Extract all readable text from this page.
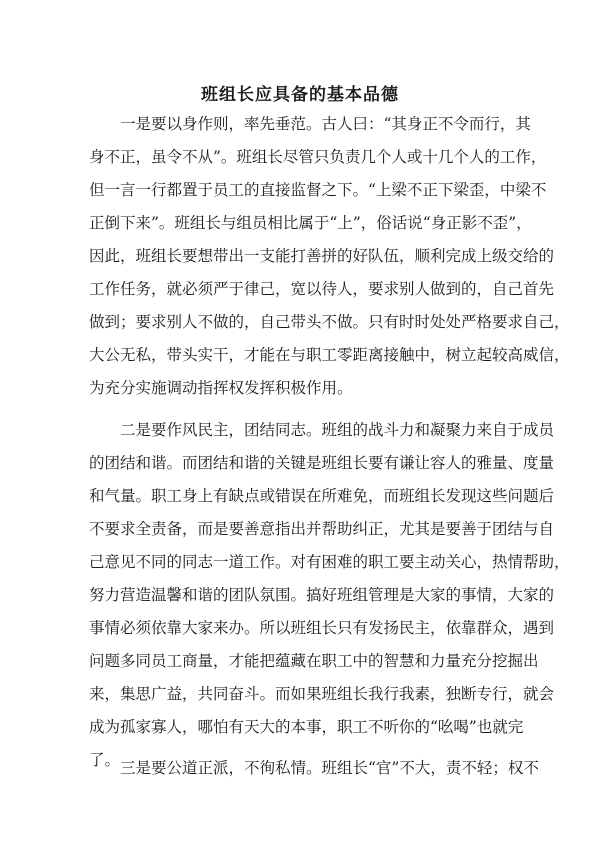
班组长应具备的基本品德
一是要以身作则，率先垂范。古人曰：“其身正不令而行，其
身不正，虽令不从”。班组长尽管只负责几个人或十几个人的工作，
但一言一行都置于员工的直接监督之下。“上梁不正下梁歪，中梁不
正倒下来”。班组长与组员相比属于“上”，俗话说“身正影不歪”，
因此，班组长要想带出一支能打善拼的好队伍，顺利完成上级交给的
工作任务，就必须严于律己，宽以待人，要求别人做到的，自己首先
做到；要求别人不做的，自己带头不做。只有时时处处严格要求自己，
大公无私，带头实干，才能在与职工零距离接触中，树立起较高威信，
为充分实施调动指挥权发挥积极作用。
二是要作风民主，团结同志。班组的战斗力和凝聚力来自于成员
的团结和谐。而团结和谐的关键是班组长要有谦让容人的雅量、度量
和气量。职工身上有缺点或错误在所难免，而班组长发现这些问题后
不要求全责备，而是要善意指出并帮助纠正，尤其是要善于团结与自
己意见不同的同志一道工作。对有困难的职工要主动关心，热情帮助，
努力营造温馨和谐的团队氛围。搞好班组管理是大家的事情，大家的
事情必须依靠大家来办。所以班组长只有发扬民主，依靠群众，遇到
问题多同员工商量，才能把蕴藏在职工中的智慧和力量充分挖掘出
来，集思广益，共同奋斗。而如果班组长我行我素，独断专行，就会
成为孤家寡人，哪怕有天大的本事，职工不听你的“吆喝”也就完
了。 三是要公道正派，不徇私情。班组长“官”不大，责不轻；权不
